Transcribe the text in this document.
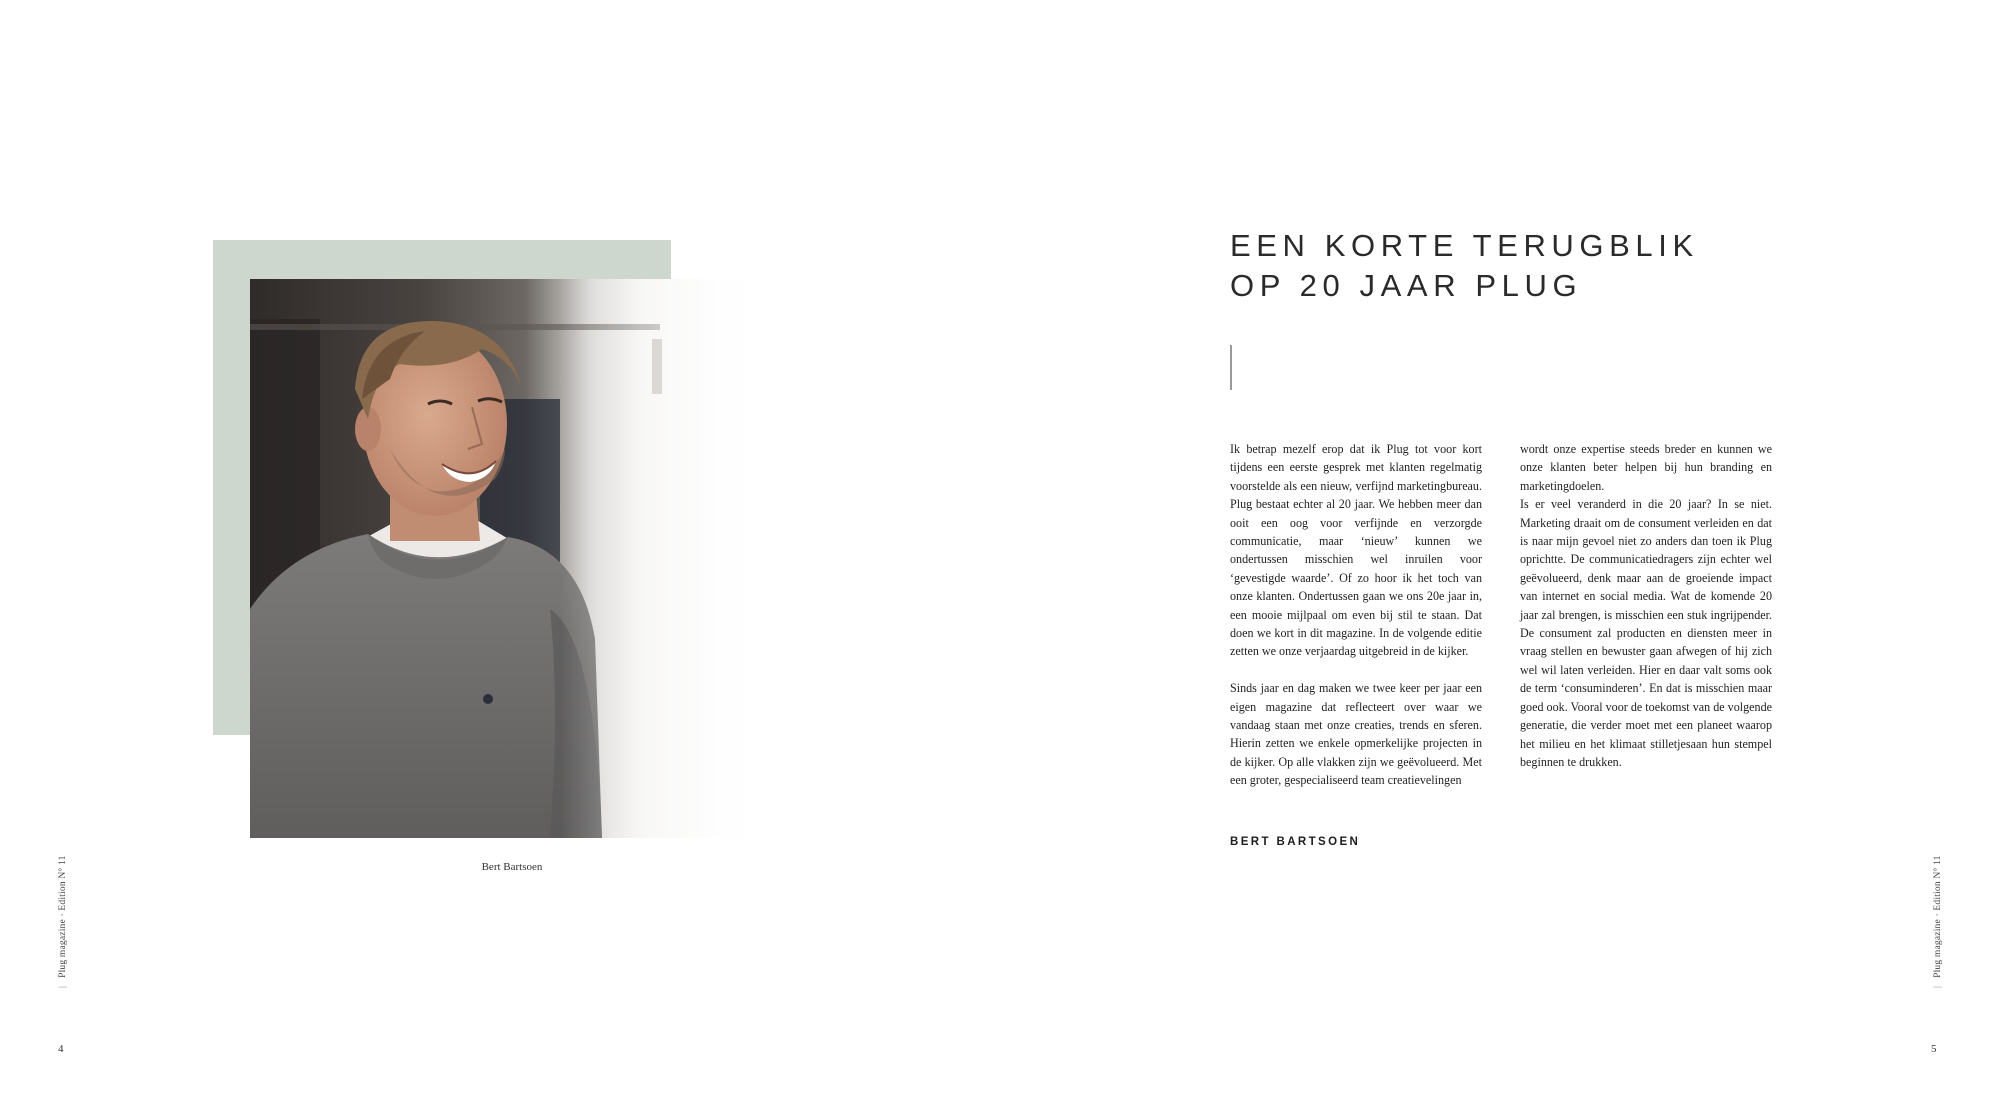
Bert Bartsoen
|Plug magazine · Edition N° 11
4
EEN KORTE TERUGBLIK
OP 20 JAAR PLUG

Ik betrap mezelf erop dat ik Plug tot voor kort tijdens een eerste gesprek met klanten regelmatig voorstelde als een nieuw, verfijnd marketingbureau. Plug bestaat echter al 20 jaar. We hebben meer dan ooit een oog voor verfijnde en verzorgde communicatie, maar ‘nieuw’ kunnen we ondertussen misschien wel inruilen voor ‘gevestigde waarde’. Of zo hoor ik het toch van onze klanten. Ondertussen gaan we ons 20e jaar in, een mooie mijlpaal om even bij stil te staan. Dat doen we kort in dit magazine. In de volgende editie zetten we onze verjaardag uitgebreid in de kijker.

Sinds jaar en dag maken we twee keer per jaar een eigen magazine dat reflecteert over waar we vandaag staan met onze creaties, trends en sferen. Hierin zetten we enkele opmerkelijke projecten in de kijker. Op alle vlakken zijn we geëvolueerd. Met een groter, gespecialiseerd team creatievelingen

wordt onze expertise steeds breder en kunnen we onze klanten beter helpen bij hun branding en marketingdoelen.

Is er veel veranderd in die 20 jaar? In se niet. Marketing draait om de consument verleiden en dat is naar mijn gevoel niet zo anders dan toen ik Plug oprichtte. De communicatiedragers zijn echter wel geëvolueerd, denk maar aan de groeiende impact van internet en social media. Wat de komende 20 jaar zal brengen, is misschien een stuk ingrijpender. De consument zal producten en diensten meer in vraag stellen en bewuster gaan afwegen of hij zich wel wil laten verleiden. Hier en daar valt soms ook de term ‘consuminderen’. En dat is misschien maar goed ook. Vooral voor de toekomst van de volgende generatie, die verder moet met een planeet waarop het milieu en het klimaat stilletjesaan hun stempel beginnen te drukken.

BERT BARTSOEN
|Plug magazine · Edition N° 11
5
